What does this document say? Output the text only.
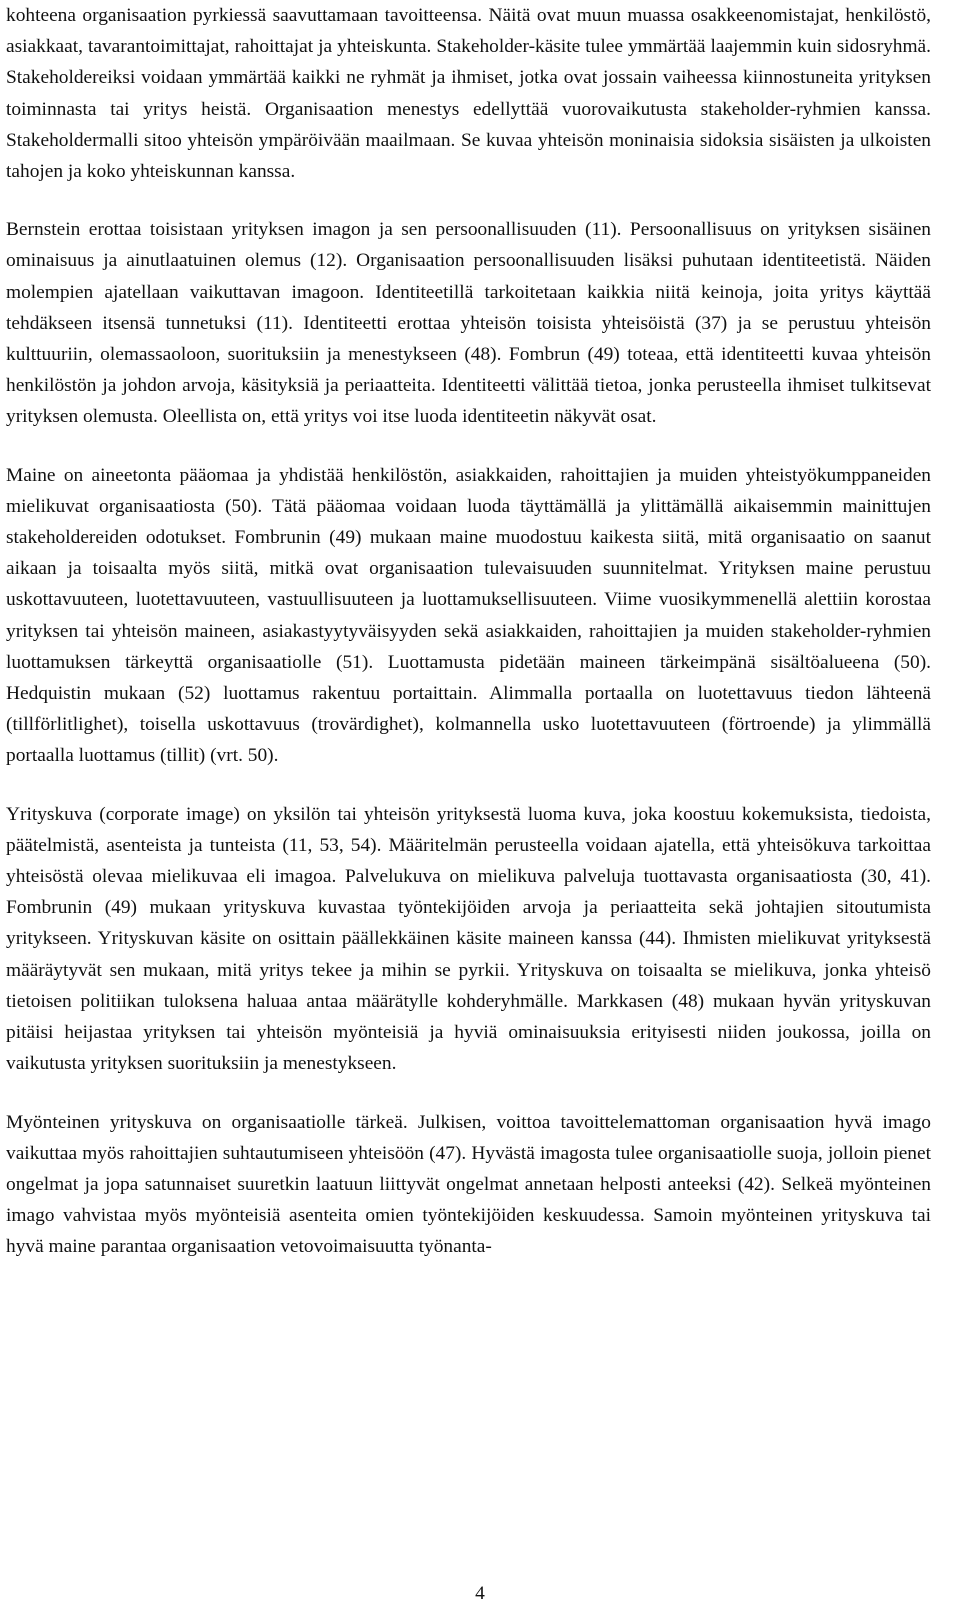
kohteena organisaation pyrkiessä saavuttamaan tavoitteensa. Näitä ovat muun muassa osakkeenomistajat, henkilöstö, asiakkaat, tavarantoimittajat, rahoittajat ja yhteiskunta. Stakeholder-käsite tulee ymmärtää laajemmin kuin sidosryhmä. Stakeholdereiksi voidaan ymmärtää kaikki ne ryhmät ja ihmiset, jotka ovat jossain vaiheessa kiinnostuneita yrityksen toiminnasta tai yritys heistä. Organisaation menestys edellyttää vuorovaikutusta stakeholder-ryhmien kanssa. Stakeholdermalli sitoo yhteisön ympäröivään maailmaan. Se kuvaa yhteisön moninaisia sidoksia sisäisten ja ulkoisten tahojen ja koko yhteiskunnan kanssa.

Bernstein erottaa toisistaan yrityksen imagon ja sen persoonallisuuden (11). Persoonallisuus on yrityksen sisäinen ominaisuus ja ainutlaatuinen olemus (12). Organisaation persoonallisuuden lisäksi puhutaan identiteetistä. Näiden molempien ajatellaan vaikuttavan imagoon. Identiteetillä tarkoitetaan kaikkia niitä keinoja, joita yritys käyttää tehdäkseen itsensä tunnetuksi (11). Identiteetti erottaa yhteisön toisista yhteisöistä (37) ja se perustuu yhteisön kulttuuriin, olemassaoloon, suorituksiin ja menestykseen (48). Fombrun (49) toteaa, että identiteetti kuvaa yhteisön henkilöstön ja johdon arvoja, käsityksiä ja periaatteita. Identiteetti välittää tietoa, jonka perusteella ihmiset tulkitsevat yrityksen olemusta. Oleellista on, että yritys voi itse luoda identiteetin näkyvät osat.

Maine on aineetonta pääomaa ja yhdistää henkilöstön, asiakkaiden, rahoittajien ja muiden yhteistyökumppaneiden mielikuvat organisaatiosta (50). Tätä pääomaa voidaan luoda täyttämällä ja ylittämällä aikaisemmin mainittujen stakeholdereiden odotukset. Fombrunin (49) mukaan maine muodostuu kaikesta siitä, mitä organisaatio on saanut aikaan ja toisaalta myös siitä, mitkä ovat organisaation tulevaisuuden suunnitelmat. Yrityksen maine perustuu uskottavuuteen, luotettavuuteen, vastuullisuuteen ja luottamuksellisuuteen. Viime vuosikymmenellä alettiin korostaa yrityksen tai yhteisön maineen, asiakastyytyväisyyden sekä asiakkaiden, rahoittajien ja muiden stakeholder-ryhmien luottamuksen tärkeyttä organisaatiolle (51). Luottamusta pidetään maineen tärkeimpänä sisältöalueena (50). Hedquistin mukaan (52) luottamus rakentuu portaittain. Alimmalla portaalla on luotettavuus tiedon lähteenä (tillförlitlighet), toisella uskottavuus (trovärdighet), kolmannella usko luotettavuuteen (förtroende) ja ylimmällä portaalla luottamus (tillit) (vrt. 50).

Yrityskuva (corporate image) on yksilön tai yhteisön yrityksestä luoma kuva, joka koostuu kokemuksista, tiedoista, päätelmistä, asenteista ja tunteista (11, 53, 54). Määritelmän perusteella voidaan ajatella, että yhteisökuva tarkoittaa yhteisöstä olevaa mielikuvaa eli imagoa. Palvelukuva on mielikuva palveluja tuottavasta organisaatiosta (30, 41). Fombrunin (49) mukaan yrityskuva kuvastaa työntekijöiden arvoja ja periaatteita sekä johtajien sitoutumista yritykseen. Yrityskuvan käsite on osittain päällekkäinen käsite maineen kanssa (44). Ihmisten mielikuvat yrityksestä määräytyvät sen mukaan, mitä yritys tekee ja mihin se pyrkii. Yrityskuva on toisaalta se mielikuva, jonka yhteisö tietoisen politiikan tuloksena haluaa antaa määrätylle kohderyhmälle. Markkasen (48) mukaan hyvän yrityskuvan pitäisi heijastaa yrityksen tai yhteisön myönteisiä ja hyviä ominaisuuksia erityisesti niiden joukossa, joilla on vaikutusta yrityksen suorituksiin ja menestykseen.

Myönteinen yrityskuva on organisaatiolle tärkeä. Julkisen, voittoa tavoittelemattoman organisaation hyvä imago vaikuttaa myös rahoittajien suhtautumiseen yhteisöön (47). Hyvästä imagosta tulee organisaatiolle suoja, jolloin pienet ongelmat ja jopa satunnaiset suuretkin laatuun liittyvät ongelmat annetaan helposti anteeksi (42). Selkeä myönteinen imago vahvistaa myös myönteisiä asenteita omien työntekijöiden keskuudessa. Samoin myönteinen yrityskuva tai hyvä maine parantaa organisaation vetovoimaisuutta työnanta-

4
